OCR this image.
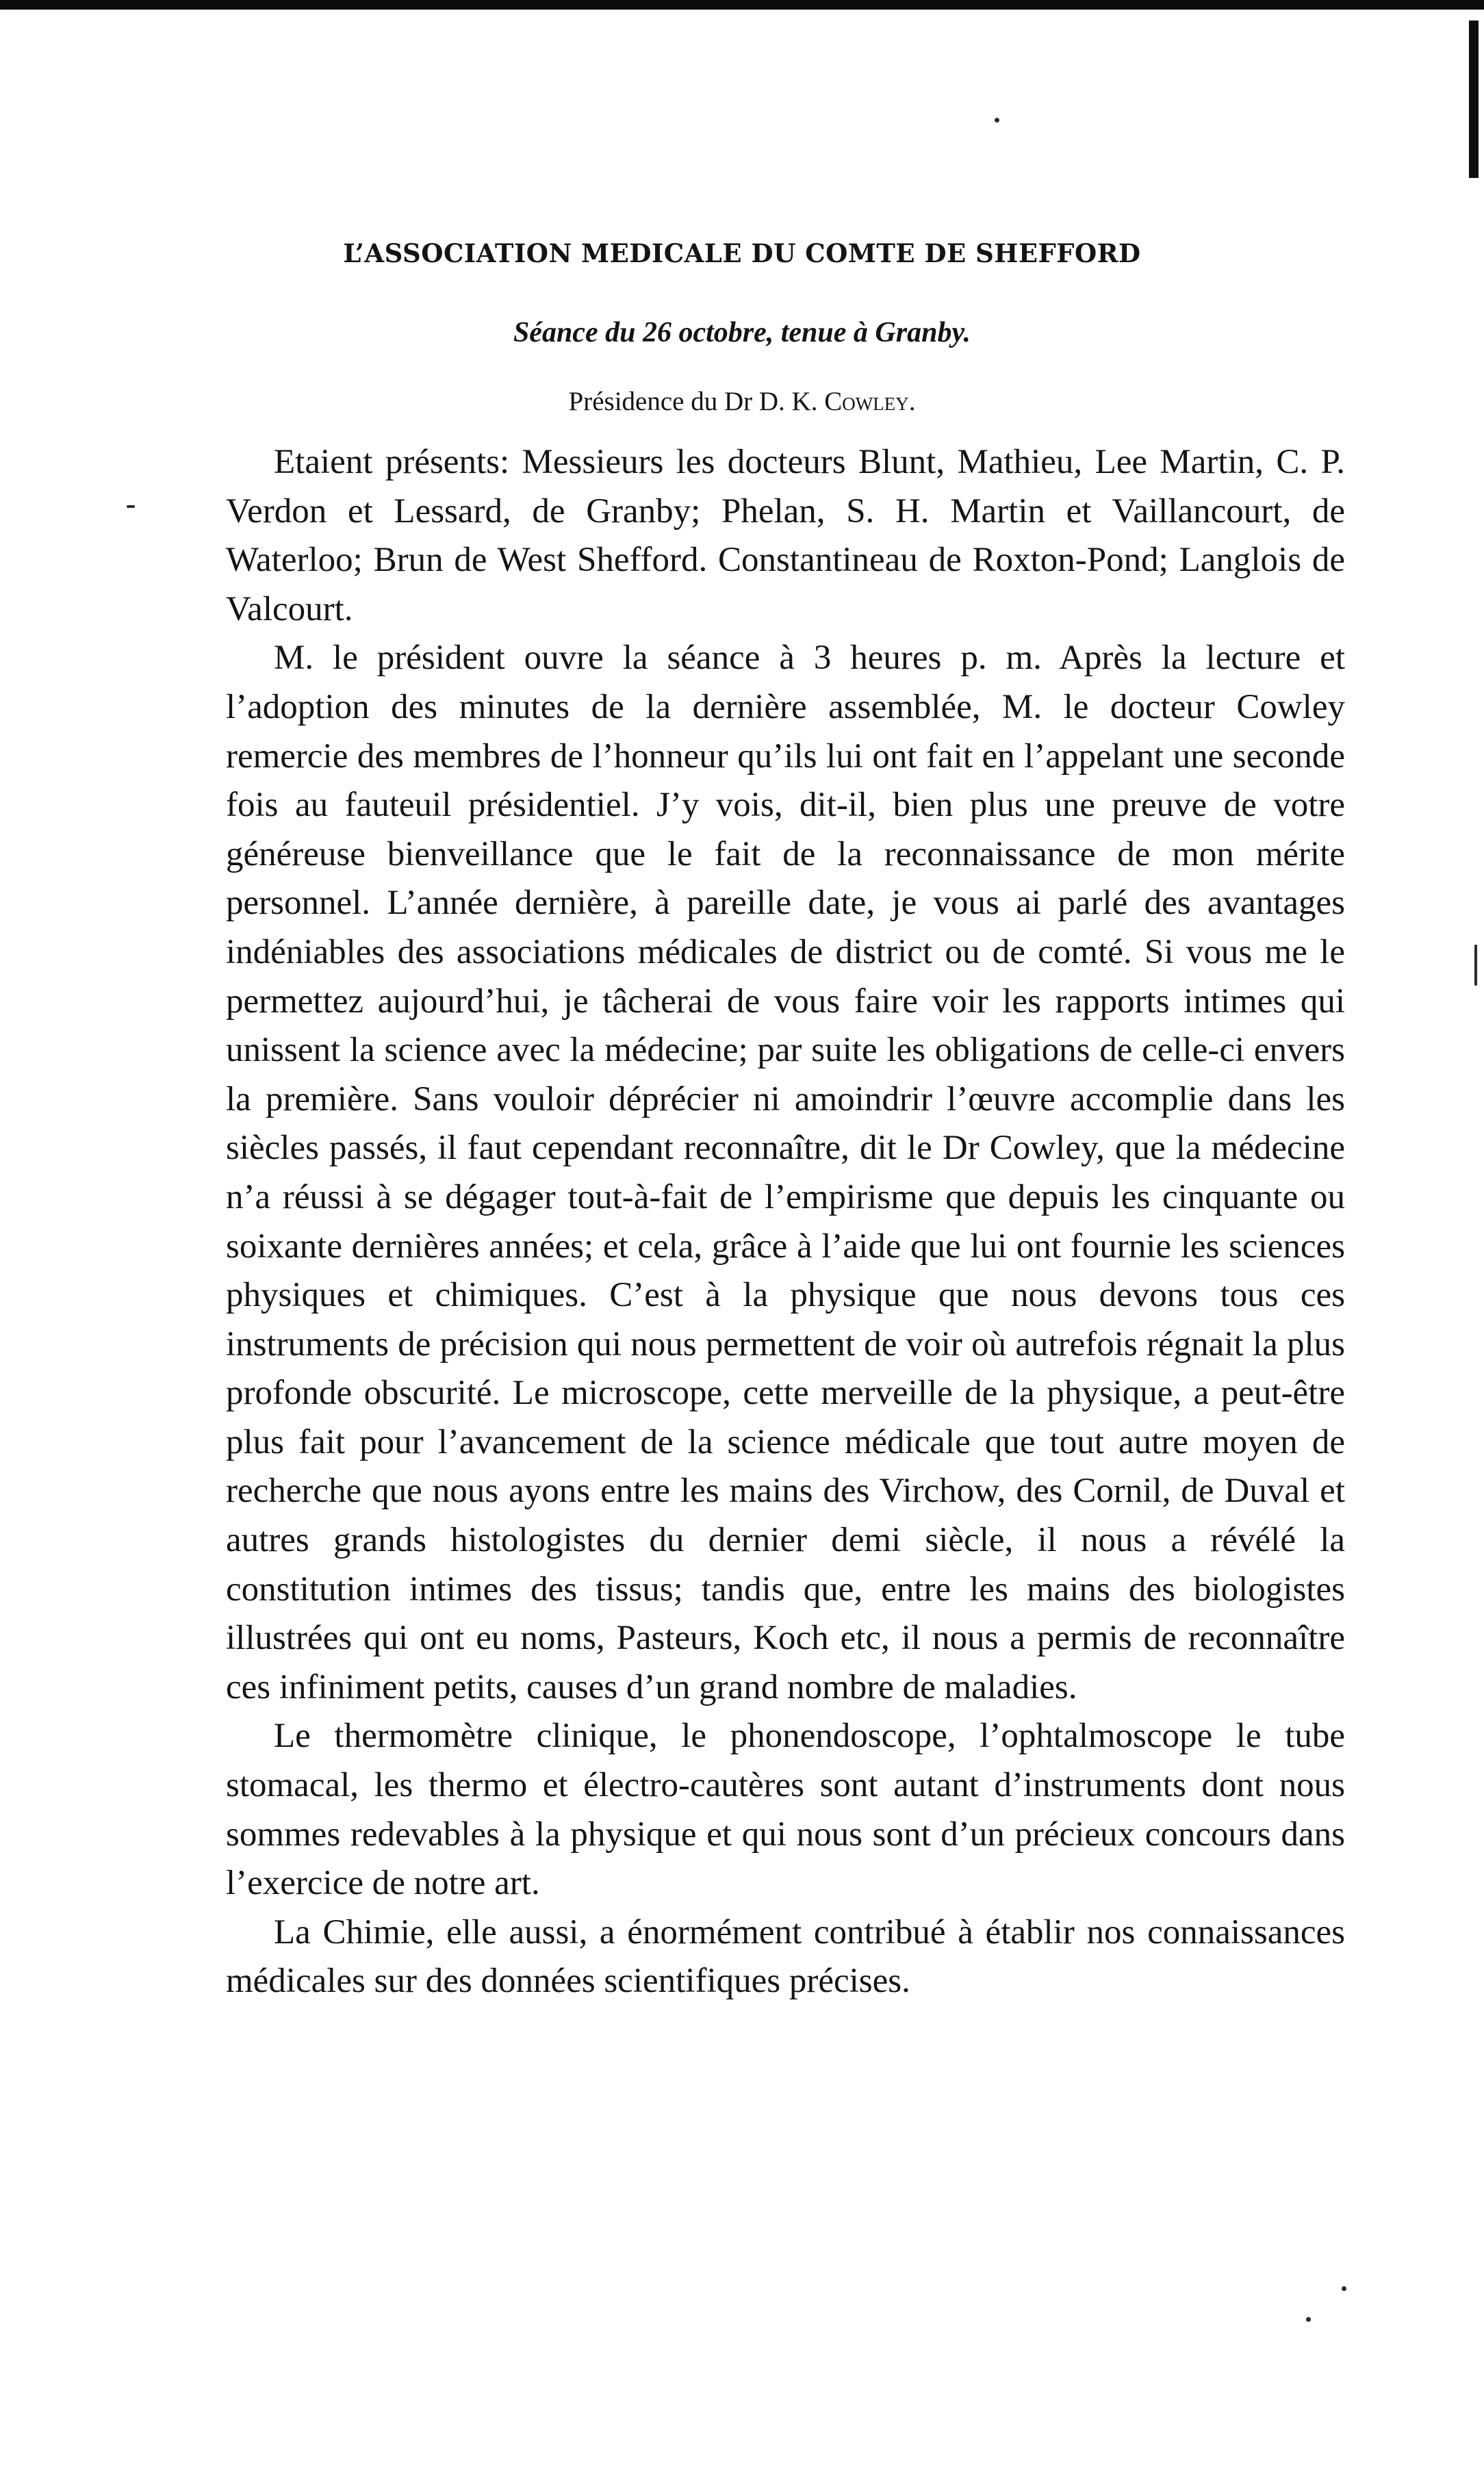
L’ASSOCIATION MEDICALE DU COMTE DE SHEFFORD
Séance du 26 octobre, tenue à Granby.
Présidence du Dr D. K. Cowley.

Etaient présents: Messieurs les docteurs Blunt, Mathieu, Lee Martin, C. P. Verdon et Lessard, de Granby; Phelan, S. H. Martin et Vaillancourt, de Waterloo; Brun de West Shefford. Constantineau de Roxton-Pond; Langlois de Valcourt.

M. le président ouvre la séance à 3 heures p. m. Après la lecture et l’adoption des minutes de la dernière assemblée, M. le docteur Cowley remercie des membres de l’honneur qu’ils lui ont fait en l’appelant une seconde fois au fauteuil présidentiel. J’y vois, dit-il, bien plus une preuve de votre généreuse bienveillance que le fait de la reconnaissance de mon mérite personnel. L’année dernière, à pareille date, je vous ai parlé des avantages indéniables des associations médicales de district ou de comté. Si vous me le permettez aujourd’hui, je tâcherai de vous faire voir les rapports intimes qui unissent la science avec la médecine; par suite les obligations de celle-ci envers la première. Sans vouloir déprécier ni amoindrir l’œuvre accomplie dans les siècles passés, il faut cependant reconnaître, dit le Dr Cowley, que la médecine n’a réussi à se dégager tout-à-fait de l’empirisme que depuis les cinquante ou soixante dernières années; et cela, grâce à l’aide que lui ont fournie les sciences physiques et chimiques. C’est à la physique que nous devons tous ces instruments de précision qui nous permettent de voir où autrefois régnait la plus profonde obscurité. Le microscope, cette merveille de la physique, a peut-être plus fait pour l’avancement de la science médicale que tout autre moyen de recherche que nous ayons entre les mains des Virchow, des Cornil, de Duval et autres grands histologistes du dernier demi siècle, il nous a révélé la constitution intimes des tissus; tandis que, entre les mains des biologistes illustrées qui ont eu noms, Pasteurs, Koch etc, il nous a permis de reconnaître ces infiniment petits, causes d’un grand nombre de maladies.

Le thermomètre clinique, le phonendoscope, l’ophtalmoscope le tube stomacal, les thermo et électro-cautères sont autant d’instruments dont nous sommes redevables à la physique et qui nous sont d’un précieux concours dans l’exercice de notre art.

La Chimie, elle aussi, a énormément contribué à établir nos connaissances médicales sur des données scientifiques précises.
